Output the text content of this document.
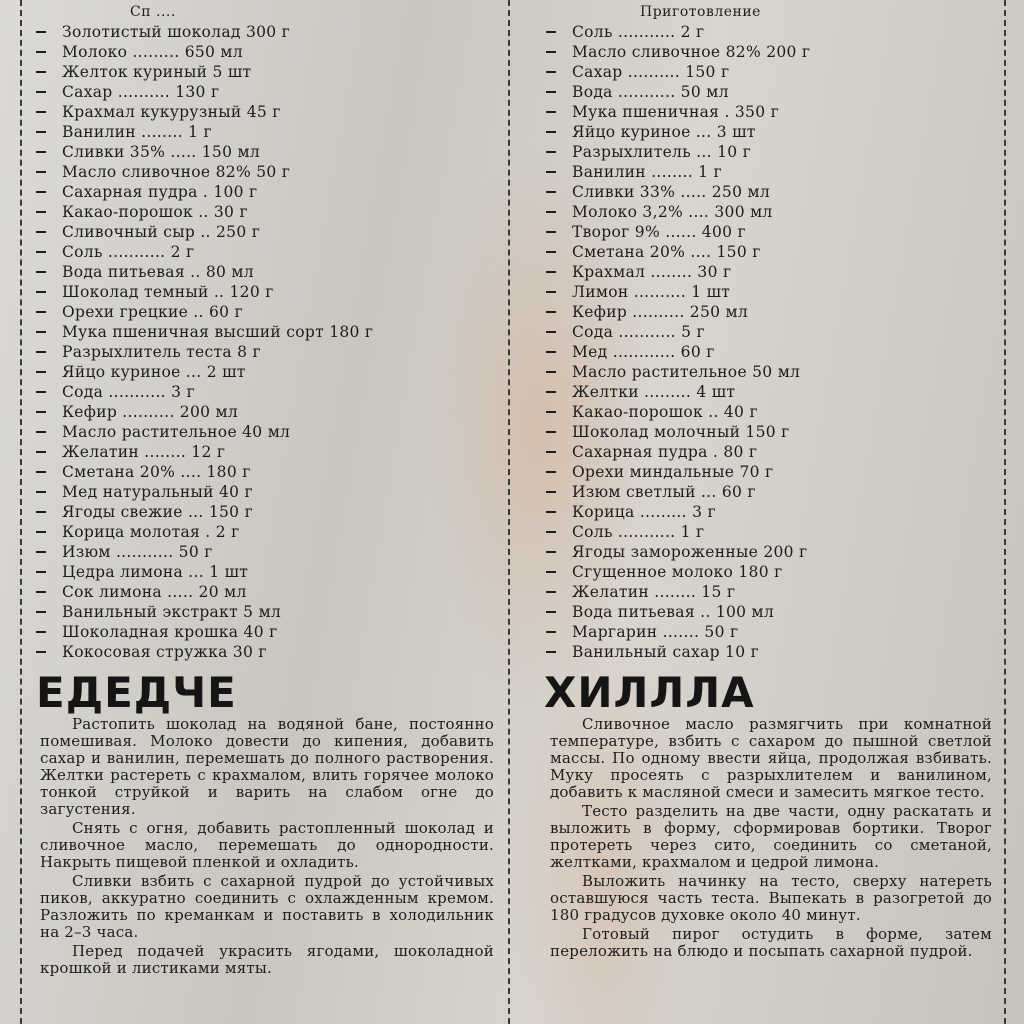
Сп ....
Золотистый шоколад 300 г
Молоко ......... 650 мл
Желток куриный 5 шт
Сахар .......... 130 г
Крахмал кукурузный 45 г
Ванилин ........ 1 г
Сливки 35% ..... 150 мл
Масло сливочное 82% 50 г
Сахарная пудра . 100 г
Какао-порошок .. 30 г
Сливочный сыр .. 250 г
Соль ........... 2 г
Вода питьевая .. 80 мл
Шоколад темный .. 120 г
Орехи грецкие .. 60 г
Мука пшеничная высший сорт 180 г
Разрыхлитель теста 8 г
Яйцо куриное ... 2 шт
Сода ........... 3 г
Кефир .......... 200 мл
Масло растительное 40 мл
Желатин ........ 12 г
Сметана 20% .... 180 г
Мед натуральный 40 г
Ягоды свежие ... 150 г
Корица молотая . 2 г
Изюм ........... 50 г
Цедра лимона ... 1 шт
Сок лимона ..... 20 мл
Ванильный экстракт 5 мл
Шоколадная крошка 40 г
Кокосовая стружка 30 г
ЕДЕДЧЕ

Растопить шоколад на водяной бане, постоянно помешивая. Молоко довести до кипения, добавить сахар и ванилин, перемешать до полного растворения. Желтки растереть с крахмалом, влить горячее молоко тонкой струйкой и варить на слабом огне до загустения.

Снять с огня, добавить растопленный шоколад и сливочное масло, перемешать до однородности. Накрыть пищевой пленкой и охладить.

Сливки взбить с сахарной пудрой до устойчивых пиков, аккуратно соединить с охлажденным кремом. Разложить по креманкам и поставить в холодильник на 2–3 часа.

Перед подачей украсить ягодами, шоколадной крошкой и листиками мяты.

Приготовление
Соль ........... 2 г
Масло сливочное 82% 200 г
Сахар .......... 150 г
Вода ........... 50 мл
Мука пшеничная . 350 г
Яйцо куриное ... 3 шт
Разрыхлитель ... 10 г
Ванилин ........ 1 г
Сливки 33% ..... 250 мл
Молоко 3,2% .... 300 мл
Творог 9% ...... 400 г
Сметана 20% .... 150 г
Крахмал ........ 30 г
Лимон .......... 1 шт
Кефир .......... 250 мл
Сода ........... 5 г
Мед ............ 60 г
Масло растительное 50 мл
Желтки ......... 4 шт
Какао-порошок .. 40 г
Шоколад молочный 150 г
Сахарная пудра . 80 г
Орехи миндальные 70 г
Изюм светлый ... 60 г
Корица ......... 3 г
Соль ........... 1 г
Ягоды замороженные 200 г
Сгущенное молоко 180 г
Желатин ........ 15 г
Вода питьевая .. 100 мл
Маргарин ....... 50 г
Ванильный сахар 10 г
ХИЛЛЛА

Сливочное масло размягчить при комнатной температуре, взбить с сахаром до пышной светлой массы. По одному ввести яйца, продолжая взбивать. Муку просеять с разрыхлителем и ванилином, добавить к масляной смеси и замесить мягкое тесто.

Тесто разделить на две части, одну раскатать и выложить в форму, сформировав бортики. Творог протереть через сито, соединить со сметаной, желтками, крахмалом и цедрой лимона.

Выложить начинку на тесто, сверху натереть оставшуюся часть теста. Выпекать в разогретой до 180 градусов духовке около 40 минут.

Готовый пирог остудить в форме, затем переложить на блюдо и посыпать сахарной пудрой.
